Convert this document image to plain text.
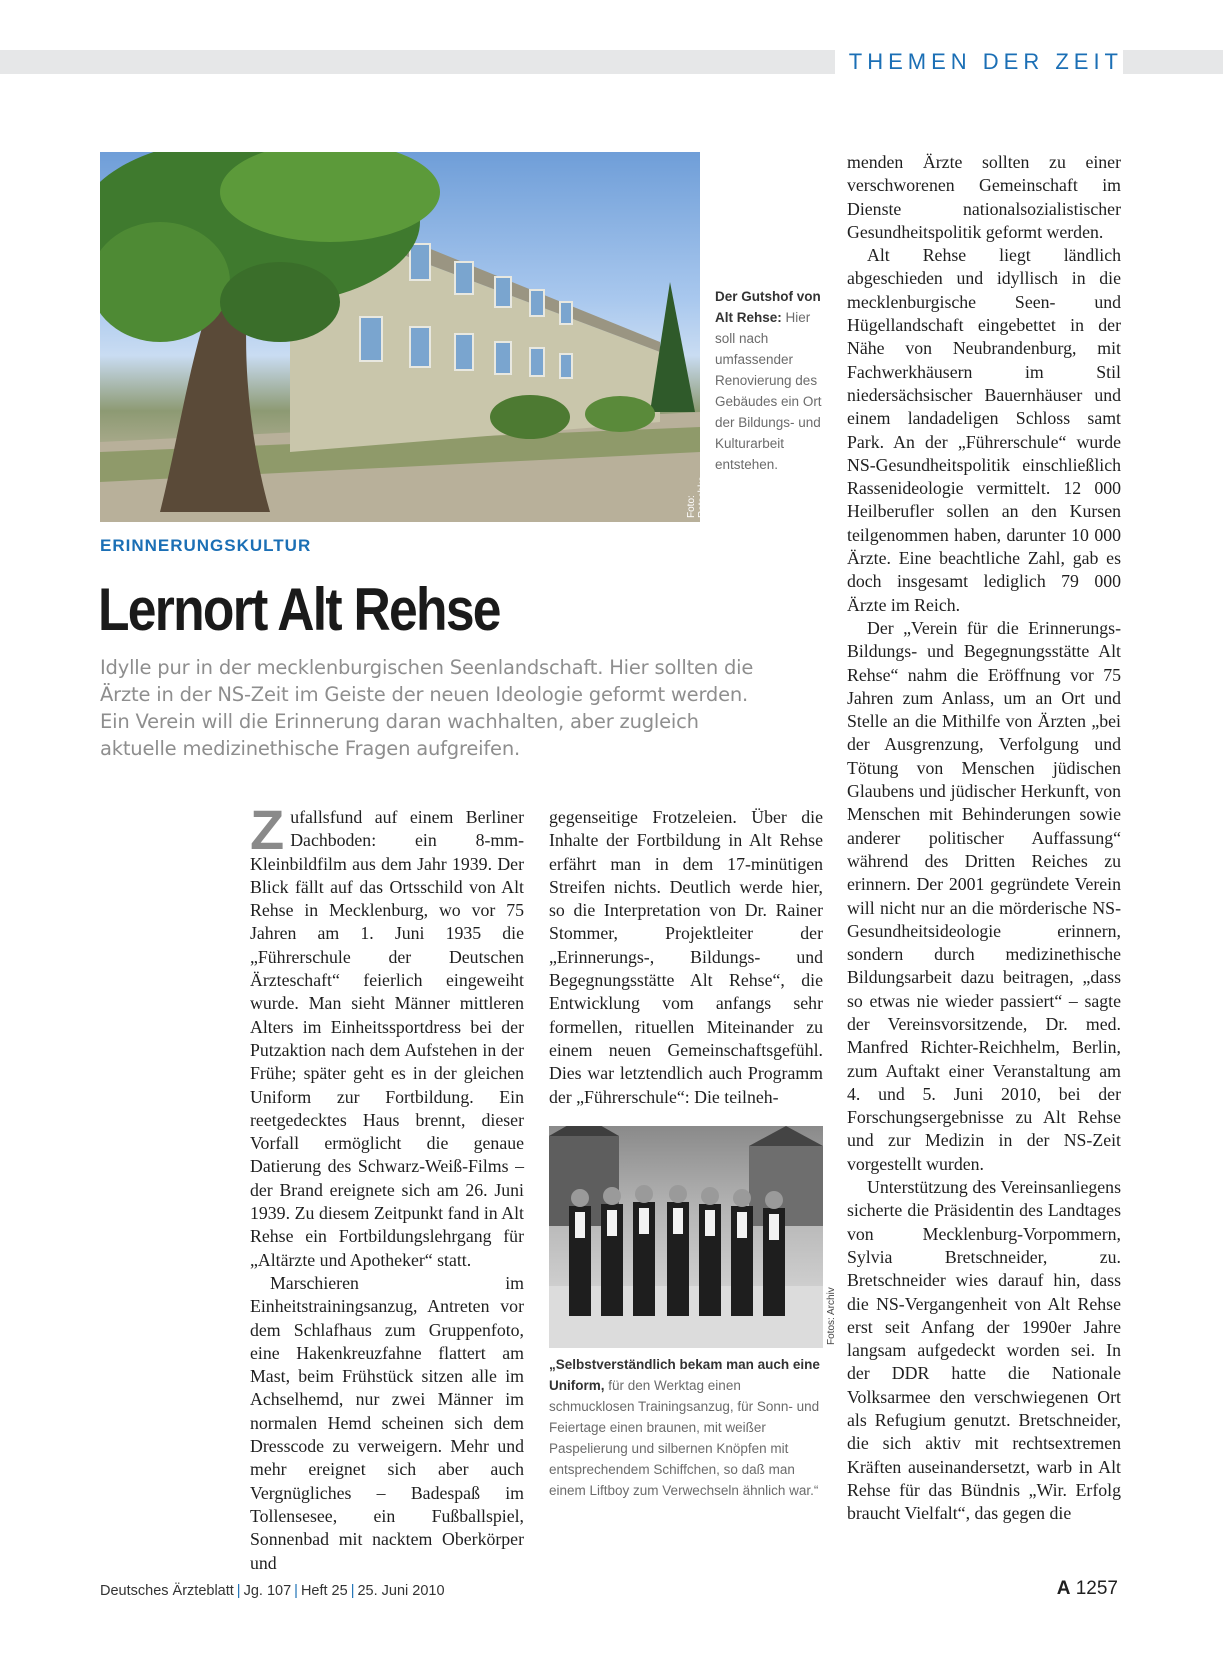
THEMEN DER ZEIT
Foto: Ratschko
Der Gutshof von Alt Rehse: Hier soll nach umfassender Renovierung des Gebäudes ein Ort der Bildungs- und Kulturarbeit entstehen.
ERINNERUNGSKULTUR
Lernort Alt Rehse
Idylle pur in der mecklenburgischen Seenlandschaft. Hier sollten die Ärzte in der NS-Zeit im Geiste der neuen Ideologie geformt werden. Ein Verein will die Erinnerung daran wachhalten, aber zugleich aktuelle medizinethische Fragen aufgreifen.

Zufallsfund auf einem Berliner Dachboden: ein 8-mm-Kleinbildfilm aus dem Jahr 1939. Der Blick fällt auf das Ortsschild von Alt Rehse in Mecklenburg, wo vor 75 Jahren am 1. Juni 1935 die „Führerschule der Deutschen Ärzteschaft“ feierlich eingeweiht wurde. Man sieht Männer mittleren Alters im Einheitssportdress bei der Putzaktion nach dem Aufstehen in der Frühe; später geht es in der gleichen Uniform zur Fortbildung. Ein reetgedecktes Haus brennt, dieser Vorfall ermöglicht die genaue Datierung des Schwarz-Weiß-Films – der Brand ereignete sich am 26. Juni 1939. Zu diesem Zeitpunkt fand in Alt Rehse ein Fortbildungslehrgang für „Altärzte und Apotheker“ statt.

Marschieren im Einheitstrainingsanzug, Antreten vor dem Schlafhaus zum Gruppenfoto, eine Hakenkreuzfahne flattert am Mast, beim Frühstück sitzen alle im Achselhemd, nur zwei Männer im normalen Hemd scheinen sich dem Dresscode zu verweigern. Mehr und mehr ereignet sich aber auch Vergnügliches – Badespaß im Tollensesee, ein Fußballspiel, Sonnenbad mit nacktem Oberkörper und

gegenseitige Frotzeleien. Über die Inhalte der Fortbildung in Alt Rehse erfährt man in dem 17-minütigen Streifen nichts. Deutlich werde hier, so die Interpretation von Dr. Rainer Stommer, Projektleiter der „Erinnerungs-, Bildungs- und Begegnungsstätte Alt Rehse“, die Entwicklung vom anfangs sehr formellen, rituellen Miteinander zu einem neuen Gemeinschaftsgefühl. Dies war letztendlich auch Programm der „Führerschule“: Die teilneh-

Fotos: Archiv
„Selbstverständlich bekam man auch eine Uniform, für den Werktag einen schmucklosen Trainingsanzug, für Sonn- und Feiertage einen braunen, mit weißer Paspelierung und silbernen Knöpfen mit entsprechendem Schiffchen, so daß man einem Liftboy zum Verwechseln ähnlich war.“

menden Ärzte sollten zu einer verschworenen Gemeinschaft im Dienste nationalsozialistischer Gesundheitspolitik geformt werden.

Alt Rehse liegt ländlich abgeschieden und idyllisch in die mecklenburgische Seen- und Hügellandschaft eingebettet in der Nähe von Neubrandenburg, mit Fachwerkhäusern im Stil niedersächsischer Bauernhäuser und einem landadeligen Schloss samt Park. An der „Führerschule“ wurde NS-Gesundheitspolitik einschließlich Rassenideologie vermittelt. 12 000 Heilberufler sollen an den Kursen teilgenommen haben, darunter 10 000 Ärzte. Eine beachtliche Zahl, gab es doch insgesamt lediglich 79 000 Ärzte im Reich.

Der „Verein für die Erinnerungs-Bildungs- und Begegnungsstätte Alt Rehse“ nahm die Eröffnung vor 75 Jahren zum Anlass, um an Ort und Stelle an die Mithilfe von Ärzten „bei der Ausgrenzung, Verfolgung und Tötung von Menschen jüdischen Glaubens und jüdischer Herkunft, von Menschen mit Behinderungen sowie anderer politischer Auffassung“ während des Dritten Reiches zu erinnern. Der 2001 gegründete Verein will nicht nur an die mörderische NS-Gesundheitsideologie erinnern, sondern durch medizinethische Bildungsarbeit dazu beitragen, „dass so etwas nie wieder passiert“ – sagte der Vereinsvorsitzende, Dr. med. Manfred Richter-Reichhelm, Berlin, zum Auftakt einer Veranstaltung am 4. und 5. Juni 2010, bei der Forschungsergebnisse zu Alt Rehse und zur Medizin in der NS-Zeit vorgestellt wurden.

Unterstützung des Vereinsanliegens sicherte die Präsidentin des Landtages von Mecklenburg-Vorpommern, Sylvia Bretschneider, zu. Bretschneider wies darauf hin, dass die NS-Vergangenheit von Alt Rehse erst seit Anfang der 1990er Jahre langsam aufgedeckt worden sei. In der DDR hatte die Nationale Volksarmee den verschwiegenen Ort als Refugium genutzt. Bretschneider, die sich aktiv mit rechtsextremen Kräften auseinandersetzt, warb in Alt Rehse für das Bündnis „Wir. Erfolg braucht Vielfalt“, das gegen die

Deutsches Ärzteblatt | Jg. 107 | Heft 25 | 25. Juni 2010	A 1257
